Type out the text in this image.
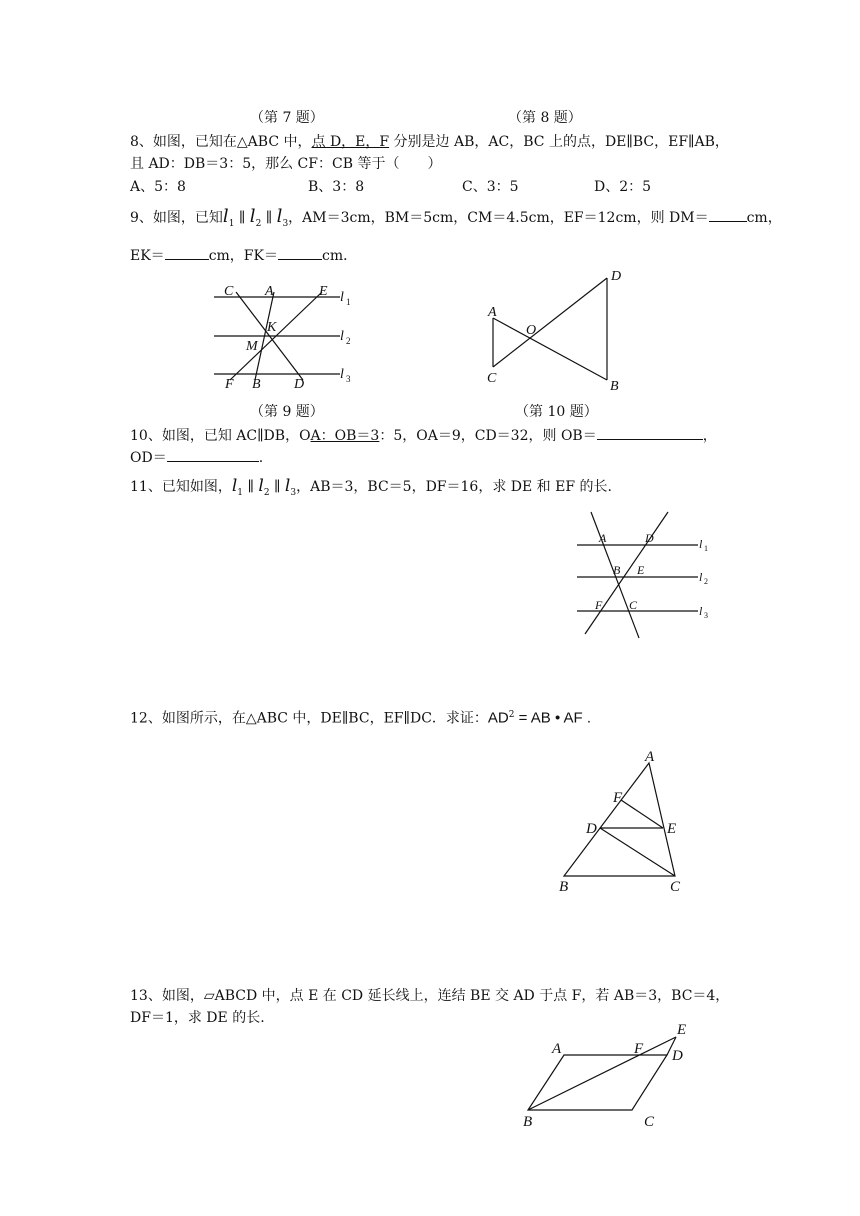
（第 7 题）	（第 8 题）
8、如图，已知在△ABC 中，点 D，E，F 分别是边 AB，AC，BC 上的点，DE∥BC，EF∥AB，
且 AD：DB＝3：5，那么 CF：CB 等于（　　）
A、5：8	B、3：8	C、3：5	D、2：5
9、如图，已知$l_1$ ∥ $l_2$ ∥ $l_3$，AM＝3cm，BM＝5cm，CM＝4.5cm，EF＝12cm，则 DM＝	cm，
EK＝	cm，FK＝	cm．
C A	E
K
M
F B D
l 1
l 2
l 3
A
O
C
D
B
A	D
B E
F C
l 1
l 2
l 3
A
F
D	E
B	C
A	F
E
D
B	C
（第 9 题）	（第 10 题）
10、如图，已知 AC∥DB，OA：OB＝3：5，OA＝9，CD＝32，则 OB＝	，
OD＝	.
11、已知如图，$l_1$ ∥ $l_2$ ∥ $l_3$，AB＝3，BC＝5，DF＝16，求 DE 和 EF 的长.
12、如图所示，在△ABC 中，DE∥BC，EF∥DC．求证：$AD^2$ = AB • AF .
13、如图，▱ABCD 中，点 E 在 CD 延长线上，连结 BE 交 AD 于点 F，若 AB＝3，BC＝4，
DF＝1，求 DE 的长.
